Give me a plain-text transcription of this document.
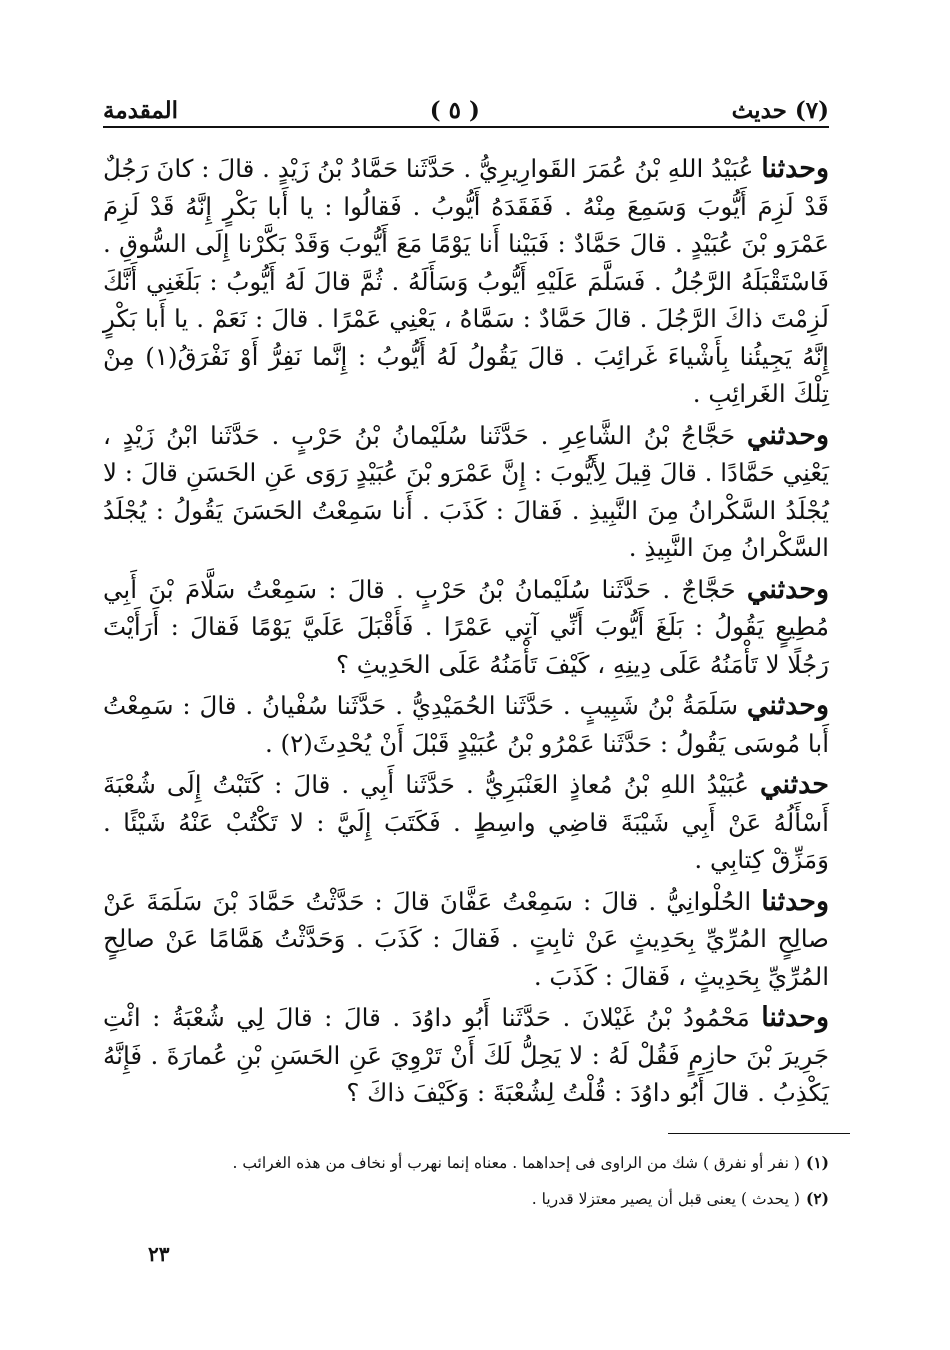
(٧) حديث
( ٥ )
المقدمة

وحدثنا عُبَيْدُ اللهِ بْنُ عُمَرَ القَوارِيرِيُّ . حَدَّثَنا حَمَّادُ بْنُ زَيْدٍ . قالَ : كانَ رَجُلٌ قَدْ لَزِمَ أَيُّوبَ وَسَمِعَ مِنْهُ . فَفَقَدَهُ أَيُّوبُ . فَقالُوا : يا أَبا بَكْرٍ إِنَّهُ قَدْ لَزِمَ عَمْرَو بْنَ عُبَيْدٍ . قالَ حَمَّادٌ : فَبَيْنا أَنا يَوْمًا مَعَ أَيُّوبَ وَقَدْ بَكَّرْنا إِلَى السُّوقِ . فَاسْتَقْبَلَهُ الرَّجُلُ . فَسَلَّمَ عَلَيْهِ أَيُّوبُ وَسَأَلَهُ . ثُمَّ قالَ لَهُ أَيُّوبُ : بَلَغَنِي أَنَّكَ لَزِمْتَ ذاكَ الرَّجُلَ . قالَ حَمَّادٌ : سَمَّاهُ ، يَعْنِي عَمْرًا . قالَ : نَعَمْ . يا أَبا بَكْرٍ إِنَّهُ يَجِيئُنا بِأَشْياءَ غَرائِبَ . قالَ يَقُولُ لَهُ أَيُّوبُ : إِنَّما نَفِرُّ أَوْ نَفْرَقُ(١) مِنْ تِلْكَ الغَرائِبِ .

وحدثني حَجَّاجُ بْنُ الشَّاعِرِ . حَدَّثَنا سُلَيْمانُ بْنُ حَرْبٍ . حَدَّثَنا ابْنُ زَيْدٍ ، يَعْنِي حَمَّادًا . قالَ قِيلَ لِأَيُّوبَ : إِنَّ عَمْرَو بْنَ عُبَيْدٍ رَوَى عَنِ الحَسَنِ قالَ : لا يُجْلَدُ السَّكْرانُ مِنَ النَّبِيذِ . فَقالَ : كَذَبَ . أَنا سَمِعْتُ الحَسَنَ يَقُولُ : يُجْلَدُ السَّكْرانُ مِنَ النَّبِيذِ .

وحدثني حَجَّاجٌ . حَدَّثَنا سُلَيْمانُ بْنُ حَرْبٍ . قالَ : سَمِعْتُ سَلَّامَ بْنَ أَبِي مُطِيعٍ يَقُولُ : بَلَغَ أَيُّوبَ أَنِّي آتِي عَمْرًا . فَأَقْبَلَ عَلَيَّ يَوْمًا فَقالَ : أَرَأَيْتَ رَجُلًا لا تَأْمَنُهُ عَلَى دِينِهِ ، كَيْفَ تَأْمَنُهُ عَلَى الحَدِيثِ ؟

وحدثني سَلَمَةُ بْنُ شَبِيبٍ . حَدَّثَنا الحُمَيْدِيُّ . حَدَّثَنا سُفْيانُ . قالَ : سَمِعْتُ أَبا مُوسَى يَقُولُ : حَدَّثَنا عَمْرُو بْنُ عُبَيْدٍ قَبْلَ أَنْ يُحْدِثَ(٢) .

حدثني عُبَيْدُ اللهِ بْنُ مُعاذٍ العَنْبَرِيُّ . حَدَّثَنا أَبِي . قالَ : كَتَبْتُ إِلَى شُعْبَةَ أَسْأَلُهُ عَنْ أَبِي شَيْبَةَ قاضِي واسِطٍ . فَكَتَبَ إِلَيَّ : لا تَكْتُبْ عَنْهُ شَيْئًا . وَمَزِّقْ كِتابِي .

وحدثنا الحُلْوانِيُّ . قالَ : سَمِعْتُ عَفَّانَ قالَ : حَدَّثْتُ حَمَّادَ بْنَ سَلَمَةَ عَنْ صالِحٍ المُرِّيِّ بِحَدِيثٍ عَنْ ثابِتٍ . فَقالَ : كَذَبَ . وَحَدَّثْتُ هَمَّامًا عَنْ صالِحٍ المُرِّيِّ بِحَدِيثٍ ، فَقالَ : كَذَبَ .

وحدثنا مَحْمُودُ بْنُ غَيْلانَ . حَدَّثَنا أَبُو داوُدَ . قالَ : قالَ لِي شُعْبَةُ : ائْتِ جَرِيرَ بْنَ حازِمٍ فَقُلْ لَهُ : لا يَحِلُّ لَكَ أَنْ تَرْوِيَ عَنِ الحَسَنِ بْنِ عُمارَةَ . فَإِنَّهُ يَكْذِبُ . قالَ أَبُو داوُدَ : قُلْتُ لِشُعْبَةَ : وَكَيْفَ ذاكَ ؟

(١)( نفر أو نفرق ) شك من الراوى فى إحداهما . معناه إنما نهرب أو نخاف من هذه الغرائب .

(٢)( يحدث ) يعنى قبل أن يصير معتزلا قدريا .

٢٣
